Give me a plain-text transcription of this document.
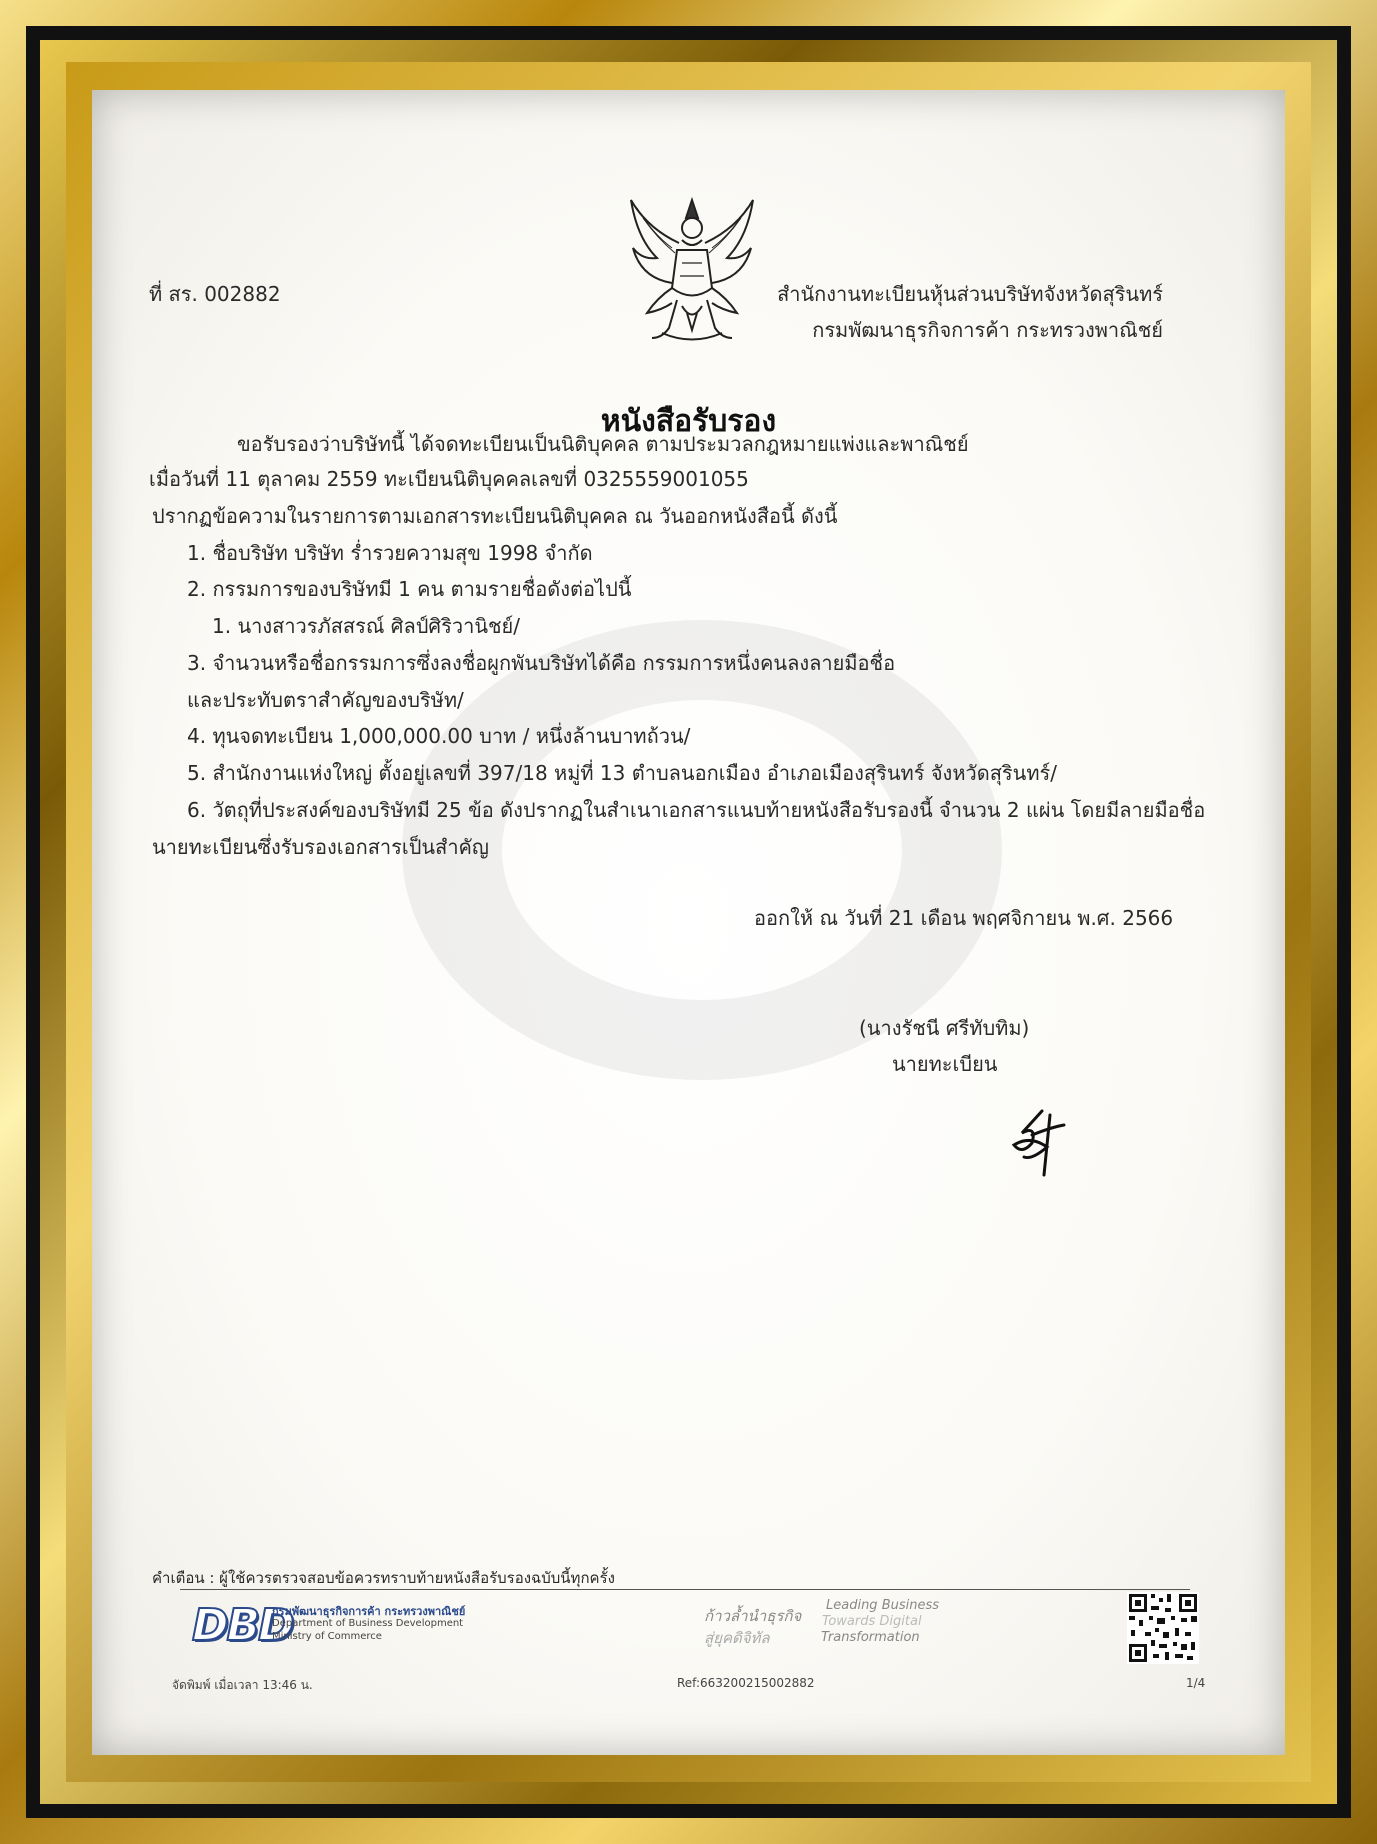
ที่ สร. 002882	สำนักงานทะเบียนหุ้นส่วนบริษัทจังหวัดสุรินทร์
กรมพัฒนาธุรกิจการค้า กระทรวงพาณิชย์
หนังสือรับรอง
ขอรับรองว่าบริษัทนี้ ได้จดทะเบียนเป็นนิติบุคคล ตามประมวลกฎหมายแพ่งและพาณิชย์
เมื่อวันที่ 11 ตุลาคม 2559 ทะเบียนนิติบุคคลเลขที่ 0325559001055
ปรากฏข้อความในรายการตามเอกสารทะเบียนนิติบุคคล ณ วันออกหนังสือนี้ ดังนี้
1. ชื่อบริษัท บริษัท ร่ำรวยความสุข 1998 จำกัด
2. กรรมการของบริษัทมี 1 คน ตามรายชื่อดังต่อไปนี้
1. นางสาวรภัสสรณ์ ศิลป์ศิริวานิชย์/
3. จำนวนหรือชื่อกรรมการซึ่งลงชื่อผูกพันบริษัทได้คือ กรรมการหนึ่งคนลงลายมือชื่อ
และประทับตราสำคัญของบริษัท/
4. ทุนจดทะเบียน 1,000,000.00 บาท / หนึ่งล้านบาทถ้วน/
5. สำนักงานแห่งใหญ่ ตั้งอยู่เลขที่ 397/18 หมู่ที่ 13 ตำบลนอกเมือง อำเภอเมืองสุรินทร์ จังหวัดสุรินทร์/
6. วัตถุที่ประสงค์ของบริษัทมี 25 ข้อ ดังปรากฏในสำเนาเอกสารแนบท้ายหนังสือรับรองนี้ จำนวน 2 แผ่น โดยมีลายมือชื่อ
นายทะเบียนซึ่งรับรองเอกสารเป็นสำคัญ
ออกให้ ณ วันที่ 21 เดือน พฤศจิกายน พ.ศ. 2566
(นางรัชนี ศรีทับทิม)
นายทะเบียน
คำเตือน : ผู้ใช้ควรตรวจสอบข้อควรทราบท้ายหนังสือรับรองฉบับนี้ทุกครั้ง
DBD
กรมพัฒนาธุรกิจการค้า กระทรวงพาณิชย์
Department of Business Development
Ministry of Commerce
ก้าวล้ำนำธุรกิจ
สู่ยุคดิจิทัล
Leading Business
Towards Digital
Transformation
จัดพิมพ์ เมื่อเวลา 13:46 น.	Ref:663200215002882	1/4
